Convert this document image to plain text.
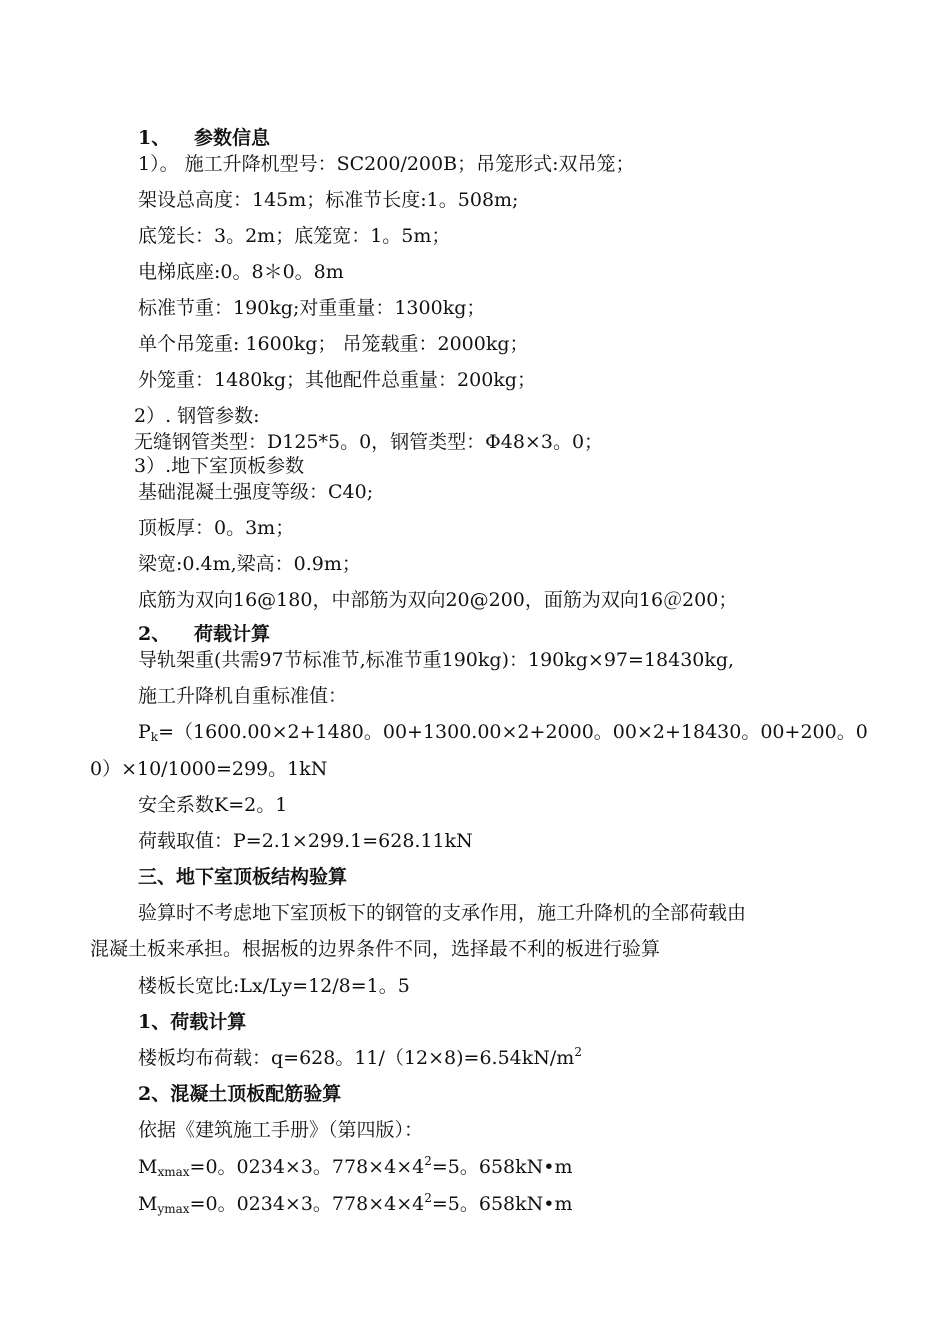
1、 参数信息
1）。 施工升降机型号：SC200/200B；吊笼形式:双吊笼；
架设总高度：145m；标准节长度:1。508m;
底笼长：3。2m；底笼宽：1。5m；
电梯底座:0。8＊0。8m
标准节重：190kg;对重重量：1300kg；
单个吊笼重: 1600kg； 吊笼载重：2000kg；
外笼重：1480kg；其他配件总重量：200kg；
2）. 钢管参数:
无缝钢管类型：D125*5。0，钢管类型：Φ48×3。0；
3）.地下室顶板参数
基础混凝土强度等级：C40;
顶板厚：0。3m；
梁宽:0.4m,梁高：0.9m；
底筋为双向16@180，中部筋为双向20@200，面筋为双向16＠200；
2、 荷载计算
导轨架重(共需97节标准节,标准节重190kg)：190kg×97=18430kg,
施工升降机自重标准值：
$P_k=(1600.00\times 2+1480$。00+1300.00×2+2000。00×2+18430。00+200。0
0）×10/1000=299。1kN
安全系数K=2。1
荷载取值：P=2.1×299.1=628.11kN
三、地下室顶板结构验算
验算时不考虑地下室顶板下的钢管的支承作用，施工升降机的全部荷载由
混凝土板来承担。根据板的边界条件不同，选择最不利的板进行验算
楼板长宽比:Lx/Ly=12/8=1。5
1、荷载计算
楼板均布荷载：q=628。$11/(12\times 8)=6.54kN/m^2$
2、混凝土顶板配筋验算
依据《建筑施工手册》（第四版）：
$M_{xmax}=0$。0234×3。$778\times 4\times 4^2=5$。658kN•m
$M_{ymax}=0$。0234×3。$778\times 4\times 4^2=5$。658kN•m
